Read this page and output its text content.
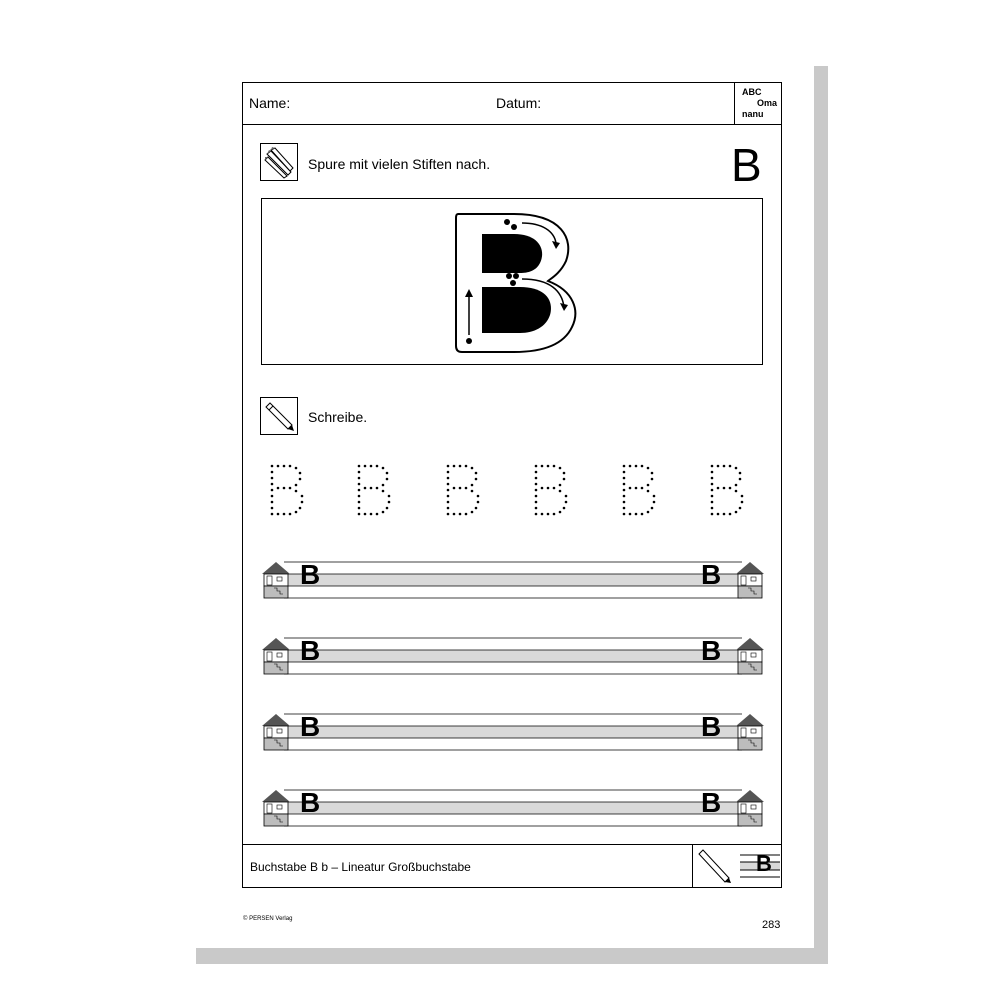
Name:	Datum:
ABC
Oma
nanu
Spure mit vielen Stiften nach.	B
Schreibe.
B	B
B	B
B	B
B	B
Buchstabe B b – Lineatur Großbuchstabe	B
© PERSEN Verlag	283
